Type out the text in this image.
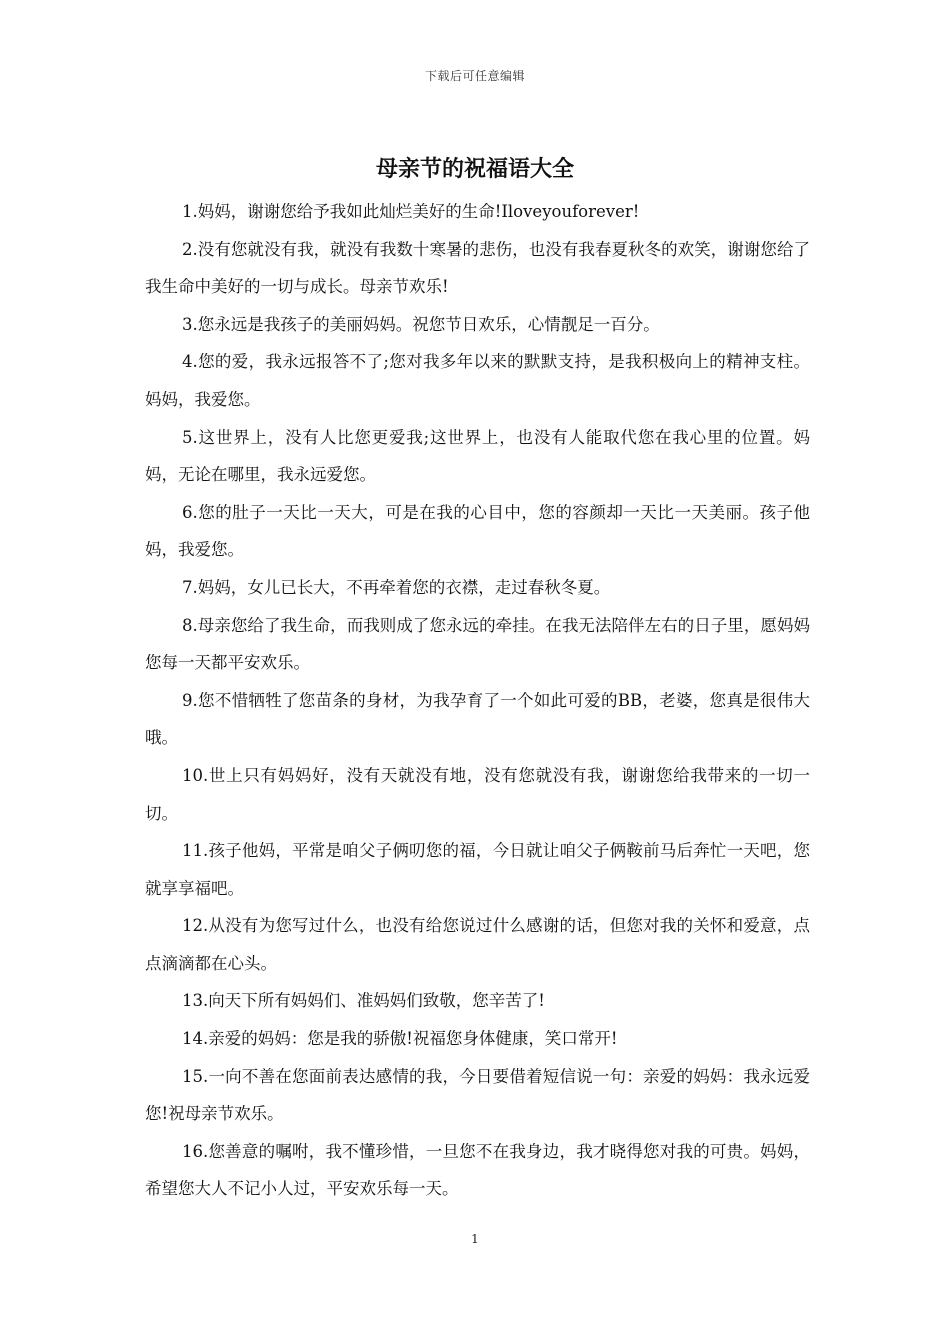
下载后可任意编辑
母亲节的祝福语大全

1.妈妈，谢谢您给予我如此灿烂美好的生命!Iloveyouforever!

2.没有您就没有我，就没有我数十寒暑的悲伤，也没有我春夏秋冬的欢笑，谢谢您给了我生命中美好的一切与成长。母亲节欢乐!

3.您永远是我孩子的美丽妈妈。祝您节日欢乐，心情靓足一百分。

4.您的爱，我永远报答不了;您对我多年以来的默默支持，是我积极向上的精神支柱。妈妈，我爱您。

5.这世界上，没有人比您更爱我;这世界上，也没有人能取代您在我心里的位置。妈妈，无论在哪里，我永远爱您。

6.您的肚子一天比一天大，可是在我的心目中，您的容颜却一天比一天美丽。孩子他妈，我爱您。

7.妈妈，女儿已长大，不再牵着您的衣襟，走过春秋冬夏。

8.母亲您给了我生命，而我则成了您永远的牵挂。在我无法陪伴左右的日子里，愿妈妈您每一天都平安欢乐。

9.您不惜牺牲了您苗条的身材，为我孕育了一个如此可爱的BB，老婆，您真是很伟大哦。

10.世上只有妈妈好，没有天就没有地，没有您就没有我，谢谢您给我带来的一切一切。

11.孩子他妈，平常是咱父子俩叨您的福，今日就让咱父子俩鞍前马后奔忙一天吧，您就享享福吧。

12.从没有为您写过什么，也没有给您说过什么感谢的话，但您对我的关怀和爱意，点点滴滴都在心头。

13.向天下所有妈妈们、准妈妈们致敬，您辛苦了!

14.亲爱的妈妈：您是我的骄傲!祝福您身体健康，笑口常开!

15.一向不善在您面前表达感情的我，今日要借着短信说一句：亲爱的妈妈：我永远爱您!祝母亲节欢乐。

16.您善意的嘱咐，我不懂珍惜，一旦您不在我身边，我才晓得您对我的可贵。妈妈，希望您大人不记小人过，平安欢乐每一天。

1
